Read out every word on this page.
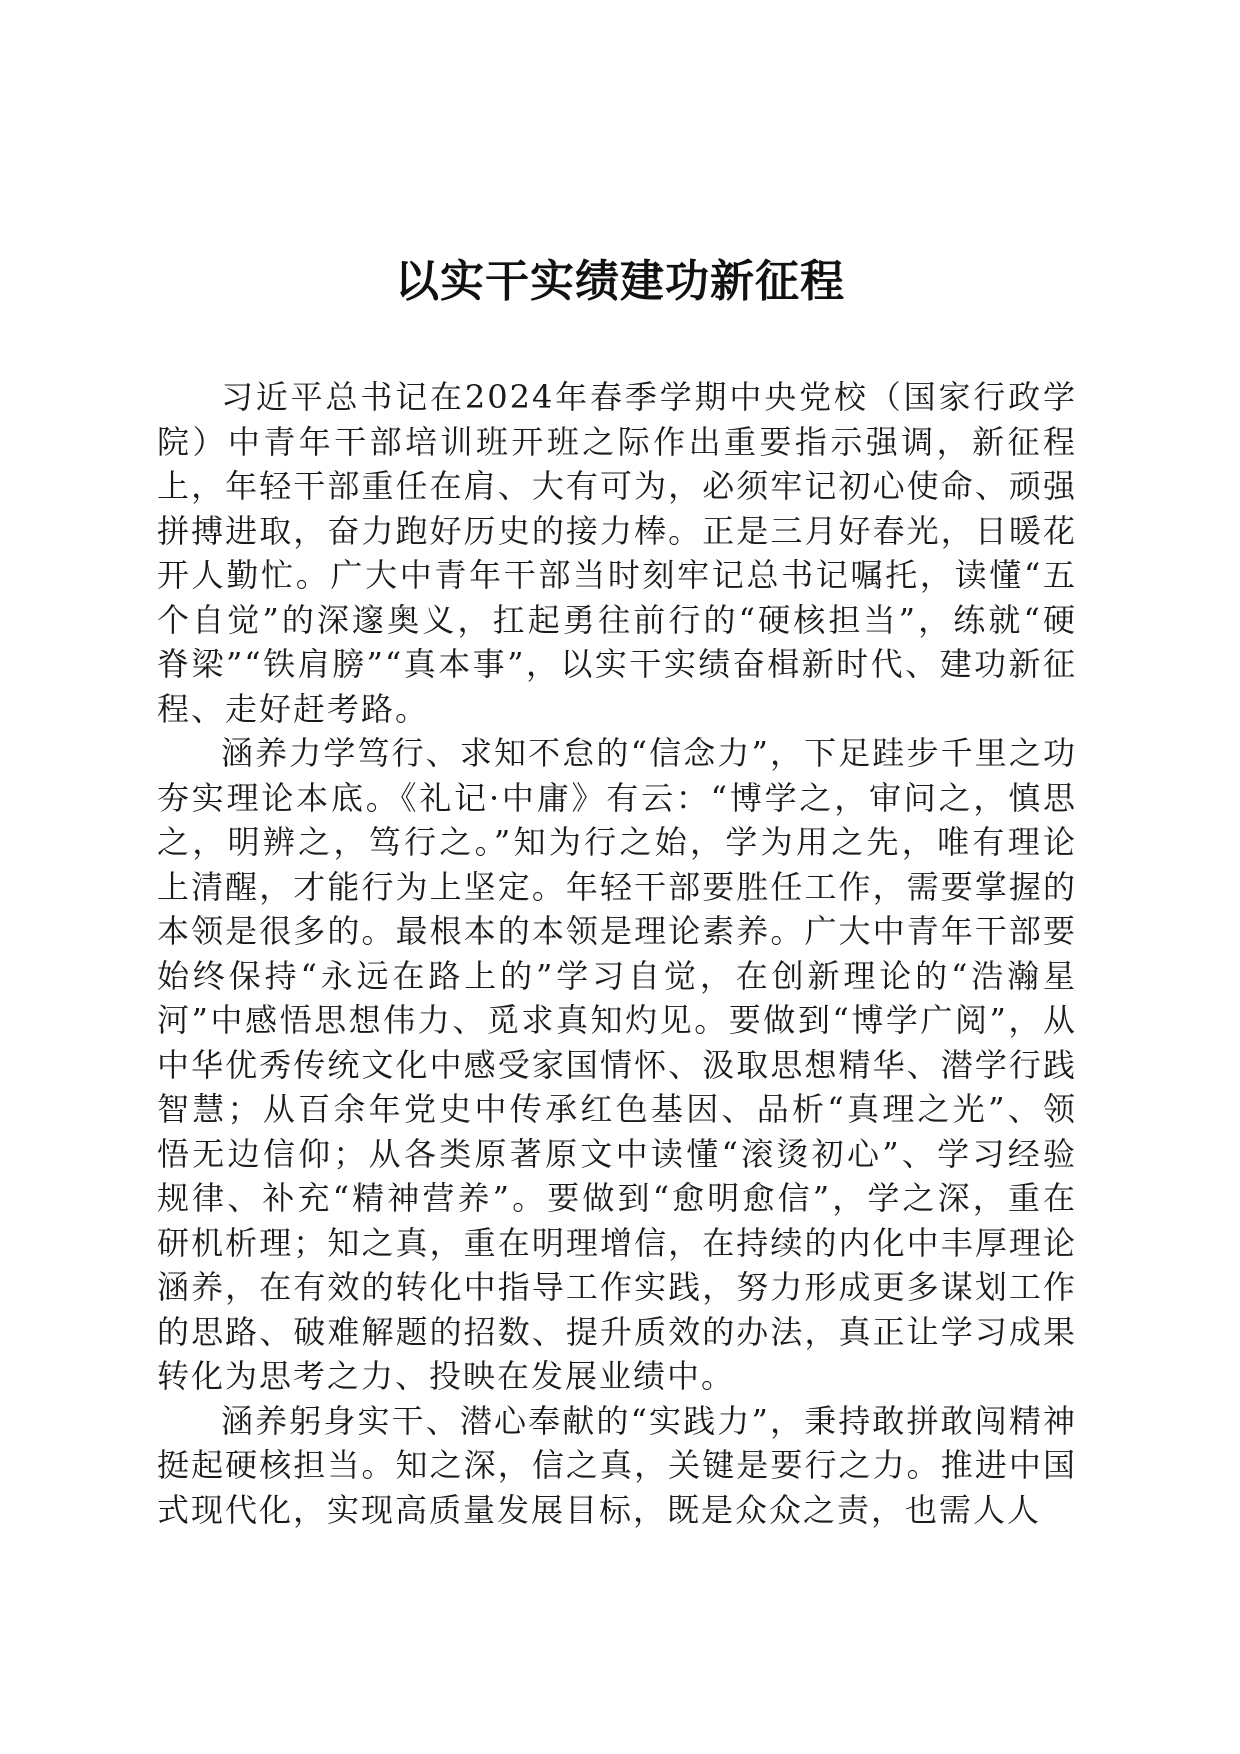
以实干实绩建功新征程

习近平总书记在2024年春季学期中央党校（国家行政学院）中青年干部培训班开班之际作出重要指示强调，新征程上，年轻干部重任在肩、大有可为，必须牢记初心使命、顽强拼搏进取，奋力跑好历史的接力棒。正是三月好春光，日暖花开人勤忙。广大中青年干部当时刻牢记总书记嘱托，读懂“五个自觉”的深邃奥义，扛起勇往前行的“硬核担当”，练就“硬脊梁”“铁肩膀”“真本事”，以实干实绩奋楫新时代、建功新征程、走好赶考路。

涵养力学笃行、求知不怠的“信念力”，下足跬步千里之功夯实理论本底。《礼记·中庸》有云：“博学之，审问之，慎思之，明辨之，笃行之。”知为行之始，学为用之先，唯有理论上清醒，才能行为上坚定。年轻干部要胜任工作，需要掌握的本领是很多的。最根本的本领是理论素养。广大中青年干部要始终保持“永远在路上的”学习自觉，在创新理论的“浩瀚星河”中感悟思想伟力、觅求真知灼见。要做到“博学广阅”，从中华优秀传统文化中感受家国情怀、汲取思想精华、潜学行践智慧；从百余年党史中传承红色基因、品析“真理之光”、领悟无边信仰；从各类原著原文中读懂“滚烫初心”、学习经验规律、补充“精神营养”。要做到“愈明愈信”，学之深，重在研机析理；知之真，重在明理增信，在持续的内化中丰厚理论涵养，在有效的转化中指导工作实践，努力形成更多谋划工作的思路、破难解题的招数、提升质效的办法，真正让学习成果转化为思考之力、投映在发展业绩中。

涵养躬身实干、潜心奉献的“实践力”，秉持敢拼敢闯精神挺起硬核担当。知之深，信之真，关键是要行之力。推进中国式现代化，实现高质量发展目标，既是众众之责，也需人人
